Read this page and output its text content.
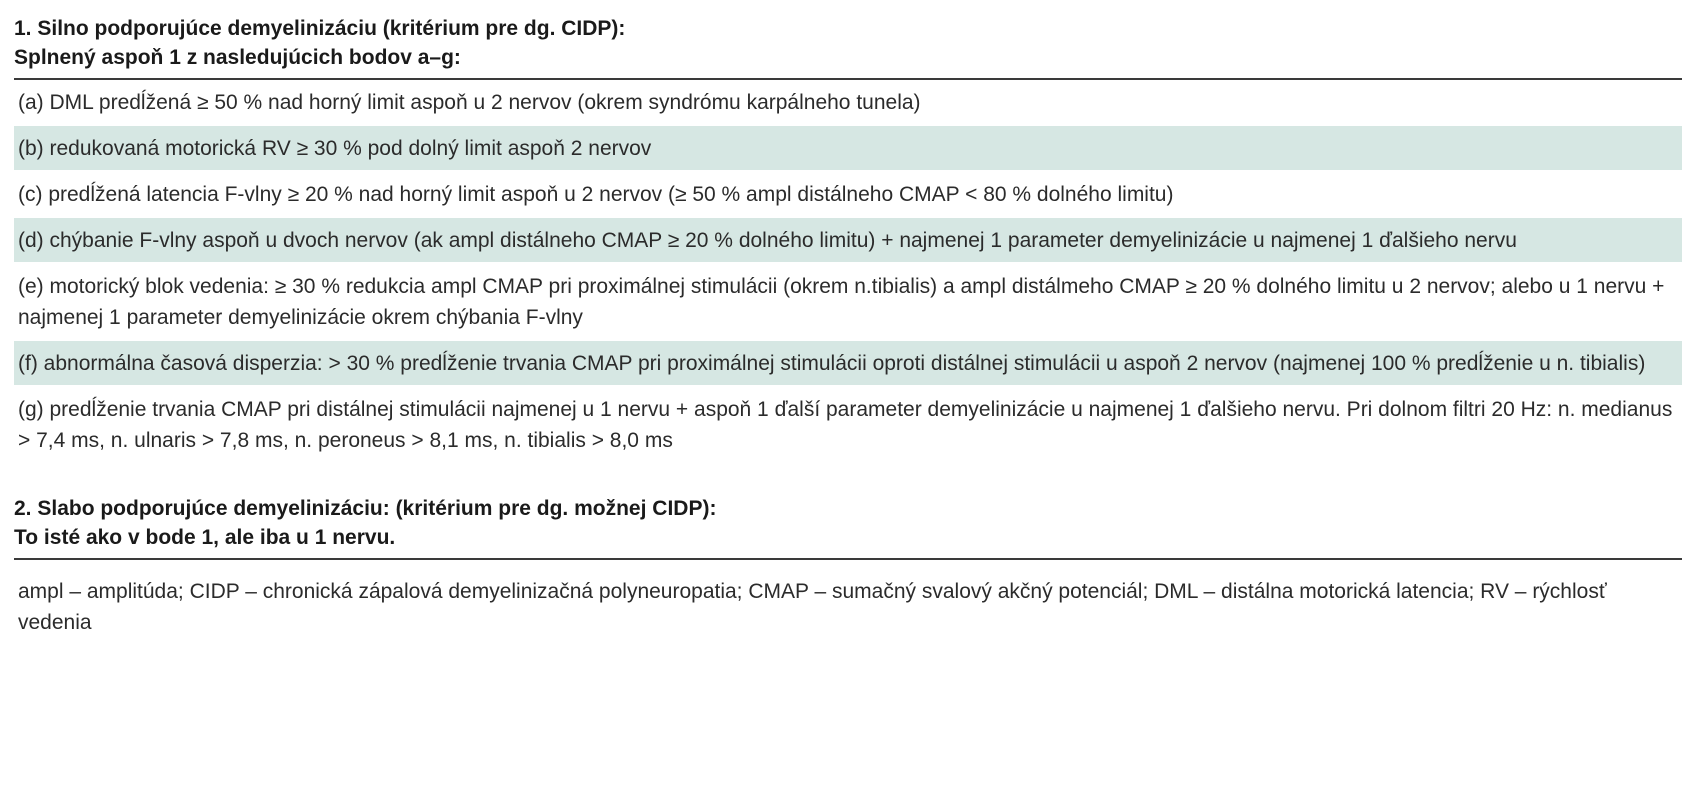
1. Silno podporujúce demyelinizáciu (kritérium pre dg. CIDP):
Splnený aspoň 1 z nasledujúcich bodov a–g:
(a) DML predĺžená ≥ 50 % nad horný limit aspoň u 2 nervov (okrem syndrómu karpálneho tunela)
(b) redukovaná motorická RV ≥ 30 % pod dolný limit aspoň 2 nervov
(c) predĺžená latencia F-vlny ≥ 20 % nad horný limit aspoň u 2 nervov (≥ 50 % ampl distálneho CMAP < 80 % dolného limitu)
(d) chýbanie F-vlny aspoň u dvoch nervov (ak ampl distálneho CMAP ≥ 20 % dolného limitu) + najmenej 1 parameter demyelinizácie u najmenej 1 ďalšieho nervu
(e) motorický blok vedenia: ≥ 30 % redukcia ampl CMAP pri proximálnej stimulácii (okrem n.tibialis) a ampl distálmeho CMAP ≥ 20 % dolného limitu u 2 nervov; alebo u 1 nervu + najmenej 1 parameter demyelinizácie okrem chýbania F-vlny
(f) abnormálna časová disperzia: > 30 % predĺženie trvania CMAP pri proximálnej stimulácii oproti distálnej stimulácii u aspoň 2 nervov (najmenej 100 % predĺženie u n. tibialis)
(g) predĺženie trvania CMAP pri distálnej stimulácii najmenej u 1 nervu + aspoň 1 ďalší parameter demyelinizácie u najmenej 1 ďalšieho nervu. Pri dolnom filtri 20 Hz: n. medianus > 7,4 ms, n. ulnaris > 7,8 ms, n. peroneus > 8,1 ms, n. tibialis > 8,0 ms
2. Slabo podporujúce demyelinizáciu: (kritérium pre dg. možnej CIDP):
To isté ako v bode 1, ale iba u 1 nervu.
ampl – amplitúda; CIDP – chronická zápalová demyelinizačná polyneuropatia; CMAP – sumačný svalový akčný potenciál; DML – distálna motorická latencia; RV – rýchlosť vedenia
